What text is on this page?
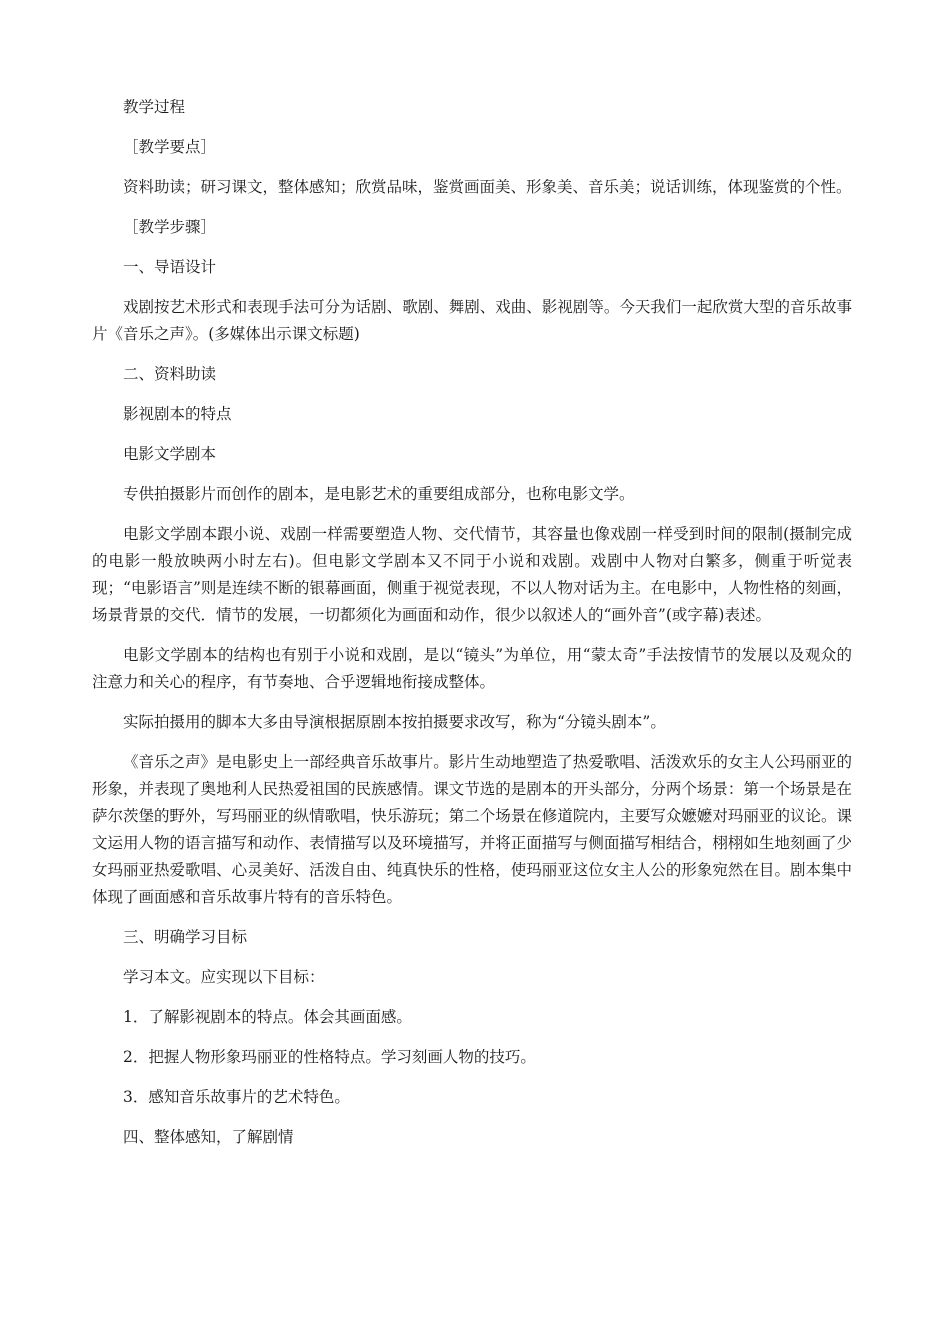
教学过程

［教学要点］

资料助读；研习课文，整体感知；欣赏品味，鉴赏画面美、形象美、音乐美；说话训练，体现鉴赏的个性。

［教学步骤］

一、导语设计

戏剧按艺术形式和表现手法可分为话剧、歌剧、舞剧、戏曲、影视剧等。今天我们一起欣赏大型的音乐故事片《音乐之声》。(多媒体出示课文标题)

二、资料助读

影视剧本的特点

电影文学剧本

专供拍摄影片而创作的剧本，是电影艺术的重要组成部分，也称电影文学。

电影文学剧本跟小说、戏剧一样需要塑造人物、交代情节，其容量也像戏剧一样受到时间的限制(摄制完成的电影一般放映两小时左右)。但电影文学剧本又不同于小说和戏剧。戏剧中人物对白繁多，侧重于听觉表现；“电影语言”则是连续不断的银幕画面，侧重于视觉表现，不以人物对话为主。在电影中，人物性格的刻画，场景背景的交代．情节的发展，一切都须化为画面和动作，很少以叙述人的“画外音”(或字幕)表述。

电影文学剧本的结构也有别于小说和戏剧，是以“镜头”为单位，用“蒙太奇”手法按情节的发展以及观众的注意力和关心的程序，有节奏地、合乎逻辑地衔接成整体。

实际拍摄用的脚本大多由导演根据原剧本按拍摄要求改写，称为“分镜头剧本”。

《音乐之声》是电影史上一部经典音乐故事片。影片生动地塑造了热爱歌唱、活泼欢乐的女主人公玛丽亚的形象，并表现了奥地利人民热爱祖国的民族感情。课文节选的是剧本的开头部分，分两个场景：第一个场景是在萨尔茨堡的野外，写玛丽亚的纵情歌唱，快乐游玩；第二个场景在修道院内，主要写众嬷嬷对玛丽亚的议论。课文运用人物的语言描写和动作、表情描写以及环境描写，并将正面描写与侧面描写相结合，栩栩如生地刻画了少女玛丽亚热爱歌唱、心灵美好、活泼自由、纯真快乐的性格，使玛丽亚这位女主人公的形象宛然在目。剧本集中体现了画面感和音乐故事片特有的音乐特色。

三、明确学习目标

学习本文。应实现以下目标：

1．了解影视剧本的特点。体会其画面感。

2．把握人物形象玛丽亚的性格特点。学习刻画人物的技巧。

3．感知音乐故事片的艺术特色。

四、整体感知，了解剧情
